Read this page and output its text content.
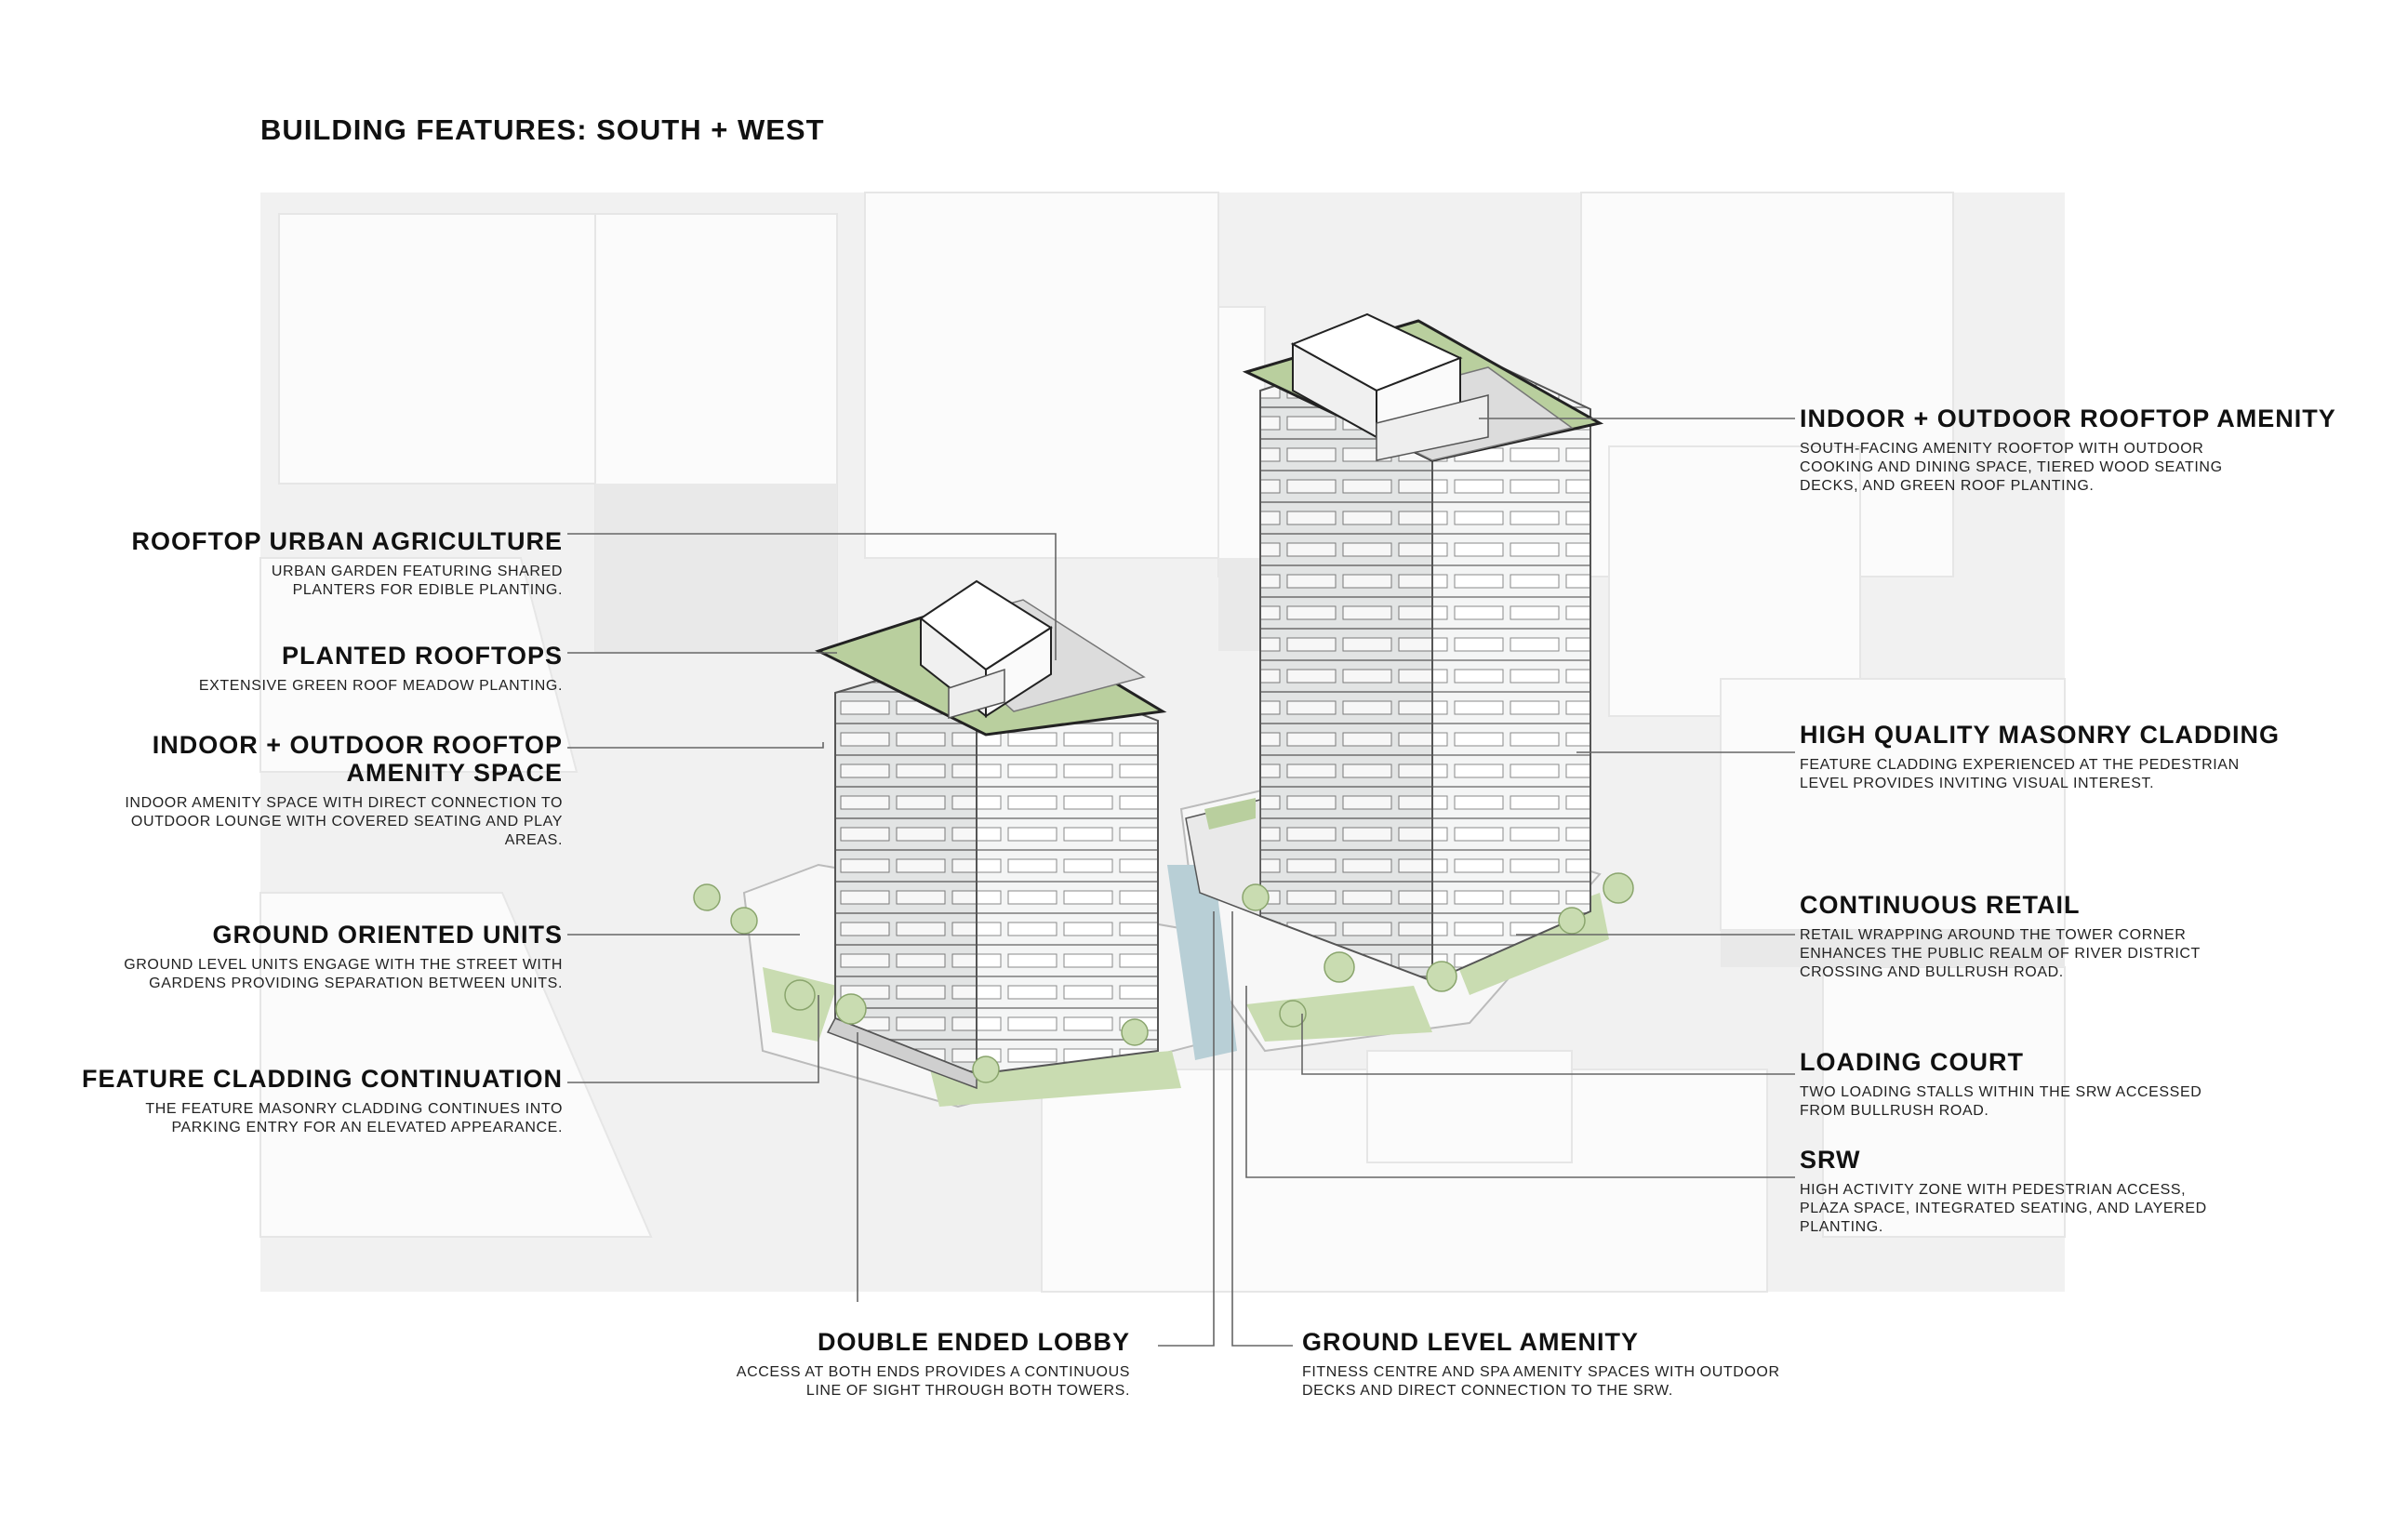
BUILDING FEATURES: SOUTH + WEST
ROOFTOP URBAN AGRICULTURE

URBAN GARDEN FEATURING SHARED PLANTERS FOR EDIBLE PLANTING.

PLANTED ROOFTOPS

EXTENSIVE GREEN ROOF MEADOW PLANTING.

INDOOR + OUTDOOR ROOFTOP
AMENITY SPACE

INDOOR AMENITY SPACE WITH DIRECT CONNECTION TO OUTDOOR LOUNGE WITH COVERED SEATING AND PLAY AREAS.

GROUND ORIENTED UNITS

GROUND LEVEL UNITS ENGAGE WITH THE STREET WITH GARDENS PROVIDING SEPARATION BETWEEN UNITS.

FEATURE CLADDING CONTINUATION

THE FEATURE MASONRY CLADDING CONTINUES INTO PARKING ENTRY FOR AN ELEVATED APPEARANCE.

INDOOR + OUTDOOR ROOFTOP AMENITY

SOUTH-FACING AMENITY ROOFTOP WITH OUTDOOR COOKING AND DINING SPACE, TIERED WOOD SEATING DECKS, AND GREEN ROOF PLANTING.

HIGH QUALITY MASONRY CLADDING

FEATURE CLADDING EXPERIENCED AT THE PEDESTRIAN LEVEL PROVIDES INVITING VISUAL INTEREST.

CONTINUOUS RETAIL

RETAIL WRAPPING AROUND THE TOWER CORNER ENHANCES THE PUBLIC REALM OF RIVER DISTRICT CROSSING AND BULLRUSH ROAD.

LOADING COURT

TWO LOADING STALLS WITHIN THE SRW ACCESSED FROM BULLRUSH ROAD.

SRW

HIGH ACTIVITY ZONE WITH PEDESTRIAN ACCESS, PLAZA SPACE, INTEGRATED SEATING, AND LAYERED PLANTING.

DOUBLE ENDED LOBBY

ACCESS AT BOTH ENDS PROVIDES A CONTINUOUS LINE OF SIGHT THROUGH BOTH TOWERS.

GROUND LEVEL AMENITY

FITNESS CENTRE AND SPA AMENITY SPACES WITH OUTDOOR DECKS AND DIRECT CONNECTION TO THE SRW.
